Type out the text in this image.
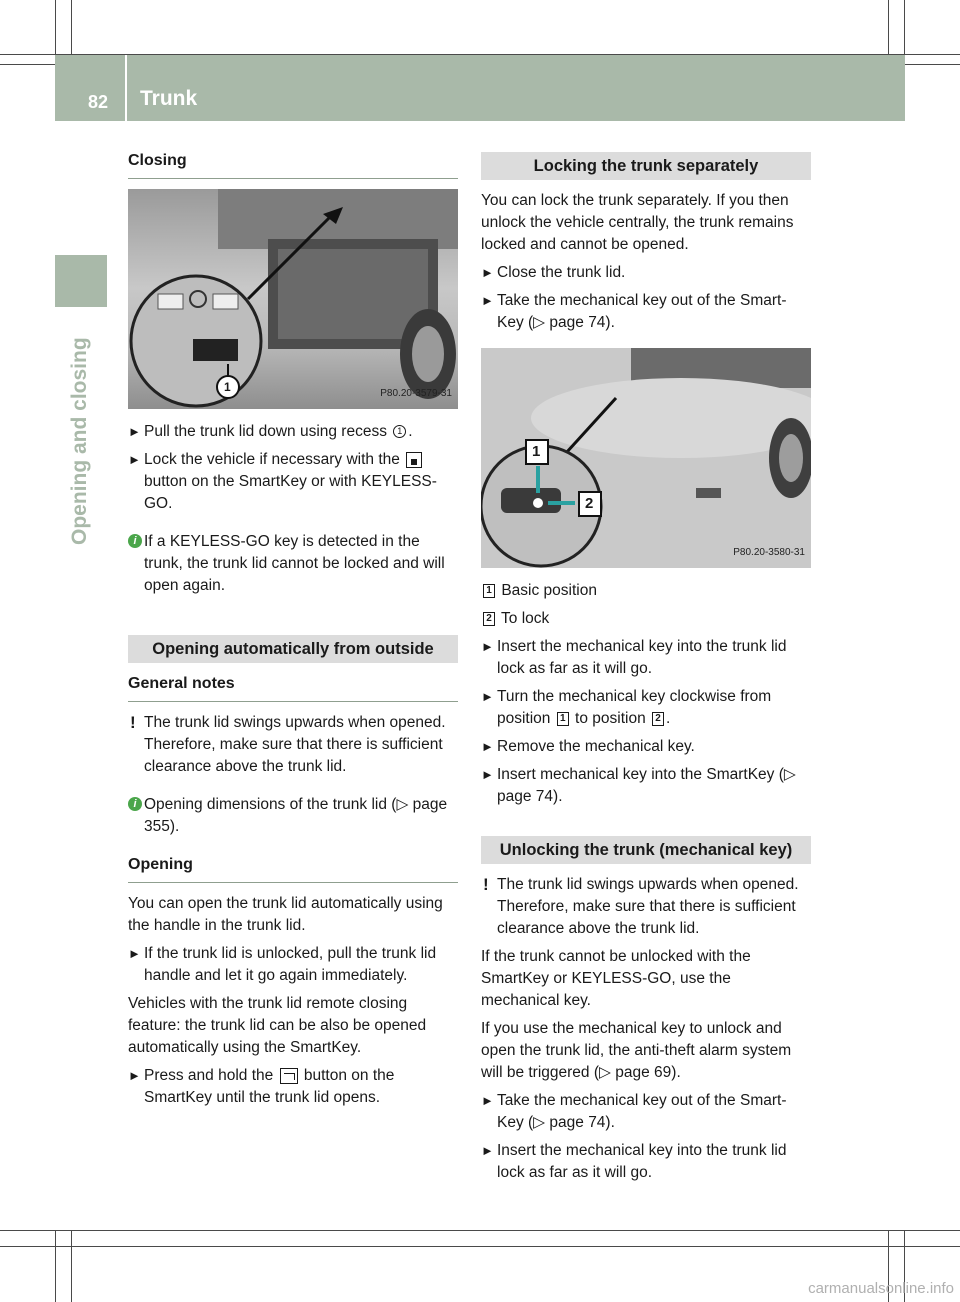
82 Trunk
Opening and closing
Closing
1	P80.20-3579-31
► Pull the trunk lid down using recess 1 .
► Lock the vehicle if necessary with the  button on the SmartKey or with KEYLESS-GO.
i If a KEYLESS-GO key is detected in the trunk, the trunk lid cannot be locked and will open again.
Opening automatically from outside
General notes
! The trunk lid swings upwards when opened. Therefore, make sure that there is sufficient clearance above the trunk lid.
i Opening dimensions of the trunk lid (▷ page 355).
Opening
You can open the trunk lid automatically using the handle in the trunk lid.
► If the trunk lid is unlocked, pull the trunk lid handle and let it go again immediately.
Vehicles with the trunk lid remote closing feature: the trunk lid can be also be opened automatically using the SmartKey.
► Press and hold the  button on the SmartKey until the trunk lid opens.
Locking the trunk separately
You can lock the trunk separately. If you then unlock the vehicle centrally, the trunk remains locked and cannot be opened.
► Close the trunk lid.
► Take the mechanical key out of the Smart-Key (▷ page 74).
1
2
P80.20-3580-31
1 Basic position
2 To lock
► Insert the mechanical key into the trunk lid lock as far as it will go.
► Turn the mechanical key clockwise from position 1 to position 2 .
► Remove the mechanical key.
► Insert mechanical key into the SmartKey (▷ page 74).
Unlocking the trunk (mechanical key)
! The trunk lid swings upwards when opened. Therefore, make sure that there is sufficient clearance above the trunk lid.
If the trunk cannot be unlocked with the SmartKey or KEYLESS-GO, use the mechanical key.
If you use the mechanical key to unlock and open the trunk lid, the anti-theft alarm system will be triggered (▷ page 69).
► Take the mechanical key out of the Smart-Key (▷ page 74).
► Insert the mechanical key into the trunk lid lock as far as it will go.
carmanualsonline.info
